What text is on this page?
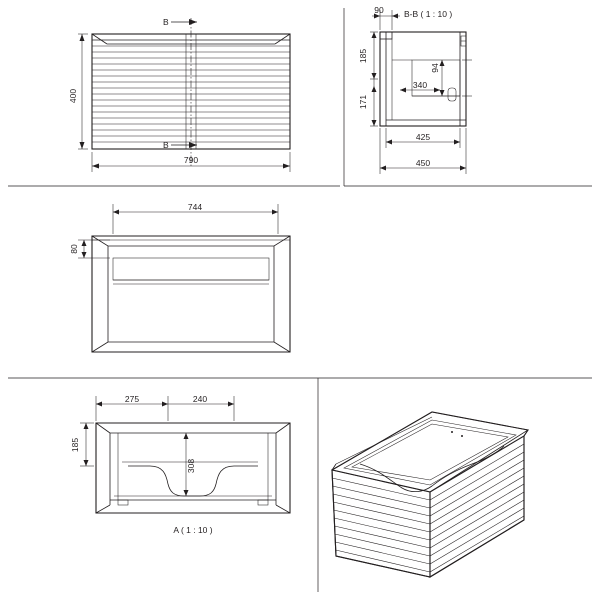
B
B
400
790
B-B ( 1 : 10 )
90
185
171
94
340
425
450
744
80
275	240
185
308
A ( 1 : 10 )
